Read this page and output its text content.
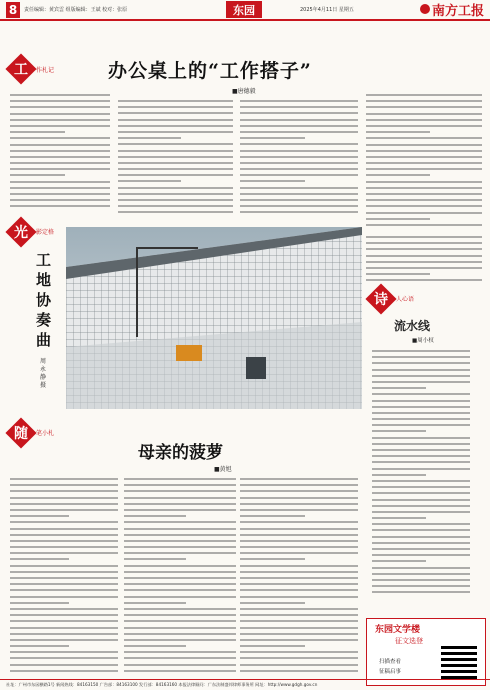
8	责任编辑：黄宾雲 组版编辑：王斌 校对：张原	东园	2025年4月11日 星期五	南方工报
工 作札记	办公桌上的“工作搭子”
■唐德毅
光 影定格
工地协奏曲
周永静 摄
诗 人心语
流水线
■周小权
东园文学楼
征文选登
扫描查看
征稿启事
随 笔小札
母亲的菠萝
■黄旭
社址：广州市东园横路1号 新闻热线：84163150 广告部：84163100 发行部：84163160 本报法律顾问：广东法制盛邦律师事务所 网址：http://www.gdgh.gov.cn
